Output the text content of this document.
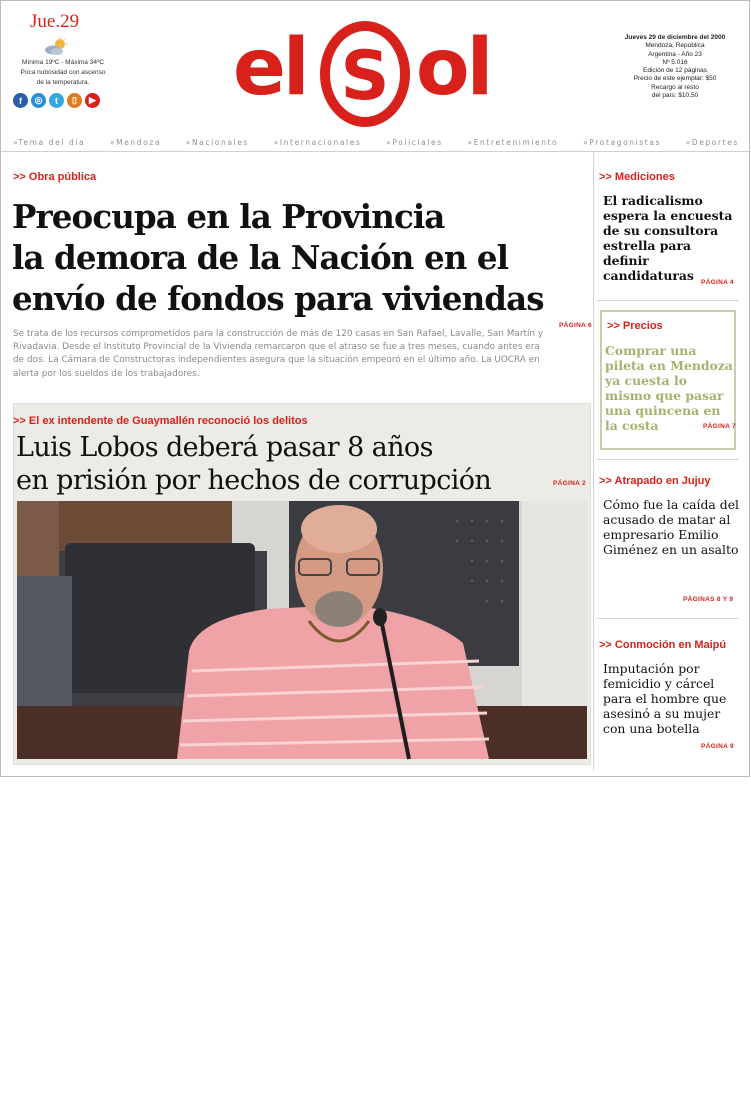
Jue.29
Mínima 19ºC - Máxima 34ºC
Poca nubosidad con ascenso
de la temperatura.
f	◎	t	▯	▶ el S ol	Jueves 29 de diciembre del 2000
Mendoza, República
Argentina - Año 23
Nº 5.016
Edición de 12 páginas
Precio de este ejemplar: $50
Recargo al resto
del país: $10,50
»Tema del día	»Mendoza	»Nacionales	»Internacionales	»Policiales	»Entretenimiento	»Protagonistas	»Deportes
>> Obra pública
Preocupa en la Provincia
la demora de la Nación en el
envío de fondos para viviendas
PÁGINA 6
Se trata de los recursos comprometidos para la construcción de más de 120 casas en San Rafael, Lavalle, San Martín y Rivadavia. Desde el Instituto Provincial de la Vivienda remarcaron que el atraso se fue a tres meses, cuando antes era de dos. La Cámara de Constructoras independientes asegura que la situación empeoró en el último año. La UOCRA en alerta por los sueldos de los trabajadores.
>> El ex intendente de Guaymallén reconoció los delitos
Luis Lobos deberá pasar 8 años
en prisión por hechos de corrupción	PÁGINA 2
Al justicialista le impusieron una multa de $75 millones. La condena de este miércoles se unificó con otro fallo.
>> Mediciones
El radicalismo espera la encuesta de su consultora estrella para definir candidaturas	PÁGINA 4
>> Precios
Comprar una pileta en Mendoza ya cuesta lo mismo que pasar una quincena en la costa	PÁGINA 7
>> Atrapado en Jujuy
Cómo fue la caída del acusado de matar al empresario Emilio Giménez en un asalto
PÁGINAS 8 Y 9
>> Conmoción en Maipú
Imputación por femicidio y cárcel para el hombre que asesinó a su mujer con una botella
PÁGINA 9
